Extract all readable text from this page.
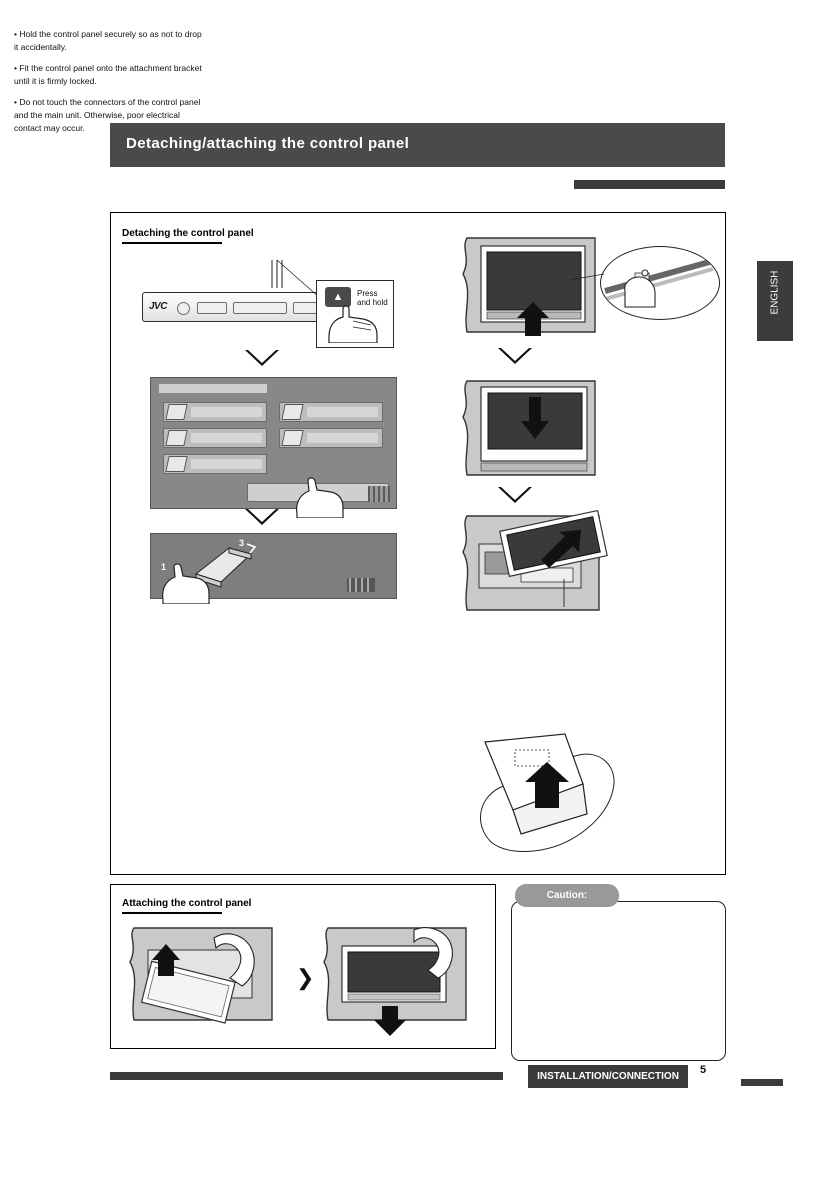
Detaching/attaching the control panel
ENGLISH
Detaching the control panel
JVC
▲	Press and hold
1
3
Attaching the control panel
❯
Caution:

• Hold the control panel securely so as not to drop it accidentally.

• Fit the control panel onto the attachment bracket until it is firmly locked.

• Do not touch the connectors of the control panel and the main unit. Otherwise, poor electrical contact may occur.

INSTALLATION/CONNECTION
5
